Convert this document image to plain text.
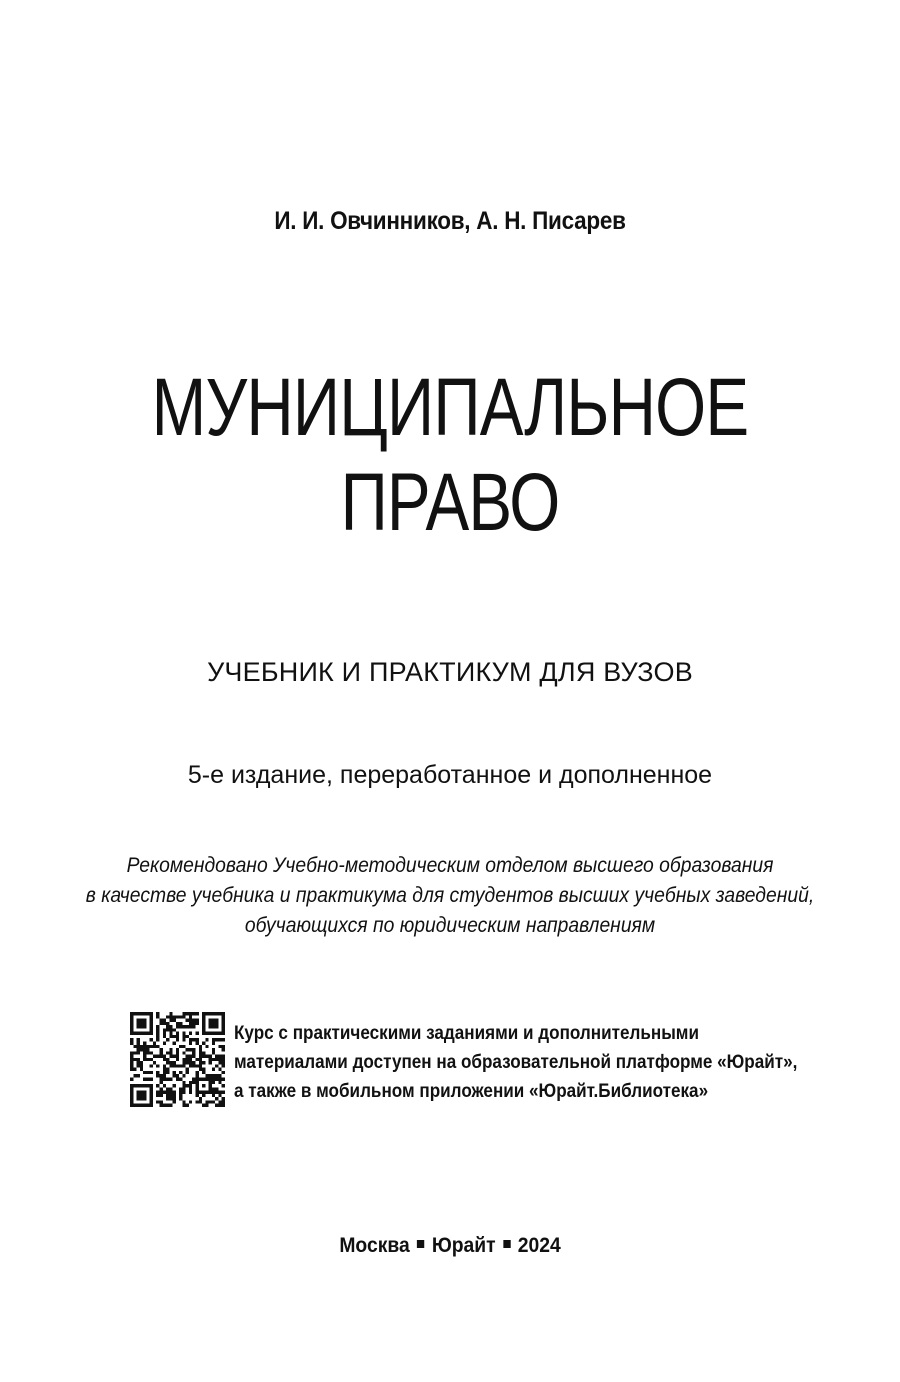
И. И. Овчинников, А. Н. Писарев
МУНИЦИПАЛЬНОЕ
ПРАВО
УЧЕБНИК И ПРАКТИКУМ ДЛЯ ВУЗОВ
5-е издание, переработанное и дополненное
Рекомендовано Учебно-методическим отделом высшего образования
в качестве учебника и практикума для студентов высших учебных заведений,
обучающихся по юридическим направлениям
Курс с практическими заданиями и дополнительными
материалами доступен на образовательной платформе «Юрайт»,
а также в мобильном приложении «Юрайт.Библиотека»
Москва Юрайт 2024
